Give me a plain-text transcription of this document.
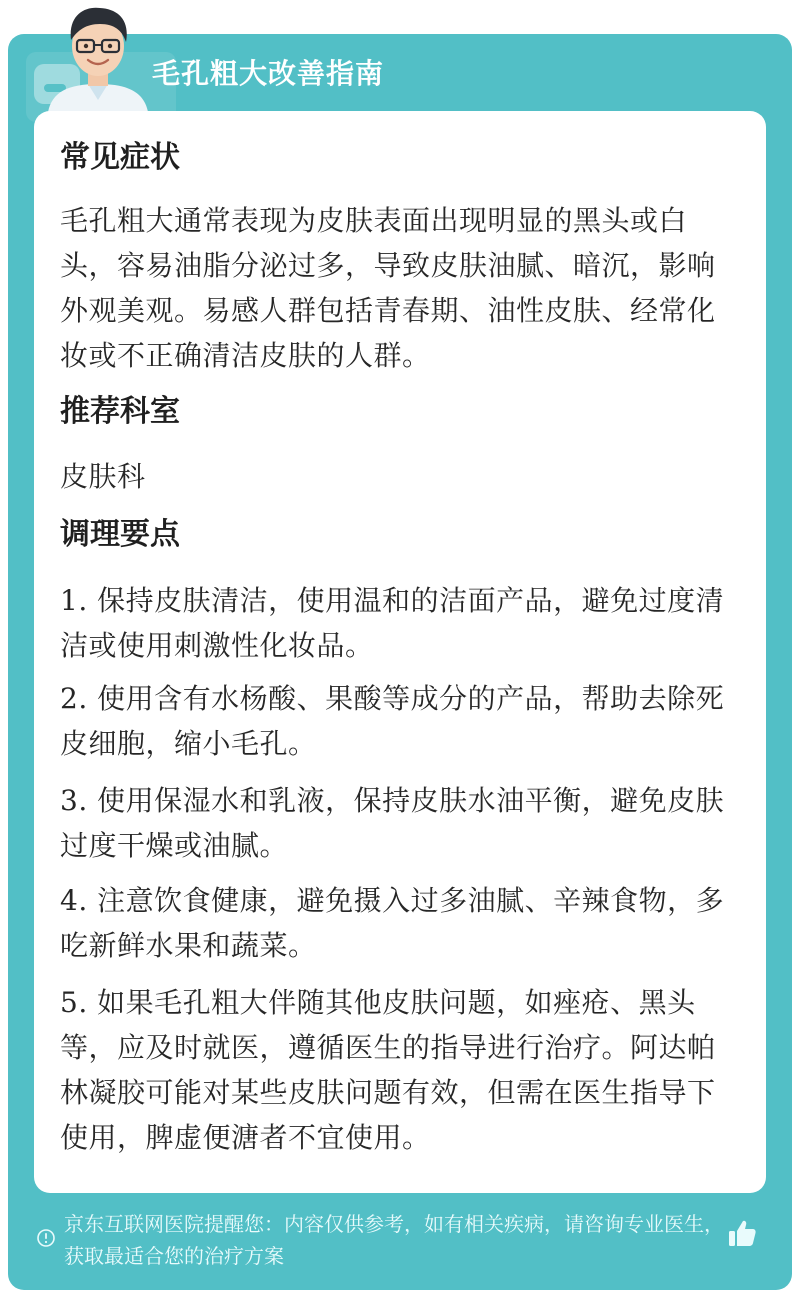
毛孔粗大改善指南
常见症状
毛孔粗大通常表现为皮肤表面出现明显的黑头或白头，容易油脂分泌过多，导致皮肤油腻、暗沉，影响外观美观。易感人群包括青春期、油性皮肤、经常化妆或不正确清洁皮肤的人群。
推荐科室
皮肤科
调理要点
1. 保持皮肤清洁，使用温和的洁面产品，避免过度清洁或使用刺激性化妆品。
2. 使用含有水杨酸、果酸等成分的产品，帮助去除死皮细胞，缩小毛孔。
3. 使用保湿水和乳液，保持皮肤水油平衡，避免皮肤过度干燥或油腻。
4. 注意饮食健康，避免摄入过多油腻、辛辣食物，多吃新鲜水果和蔬菜。
5. 如果毛孔粗大伴随其他皮肤问题，如痤疮、黑头等，应及时就医，遵循医生的指导进行治疗。阿达帕林凝胶可能对某些皮肤问题有效，但需在医生指导下使用，脾虚便溏者不宜使用。
京东互联网医院提醒您：内容仅供参考，如有相关疾病，请咨询专业医生，获取最适合您的治疗方案
